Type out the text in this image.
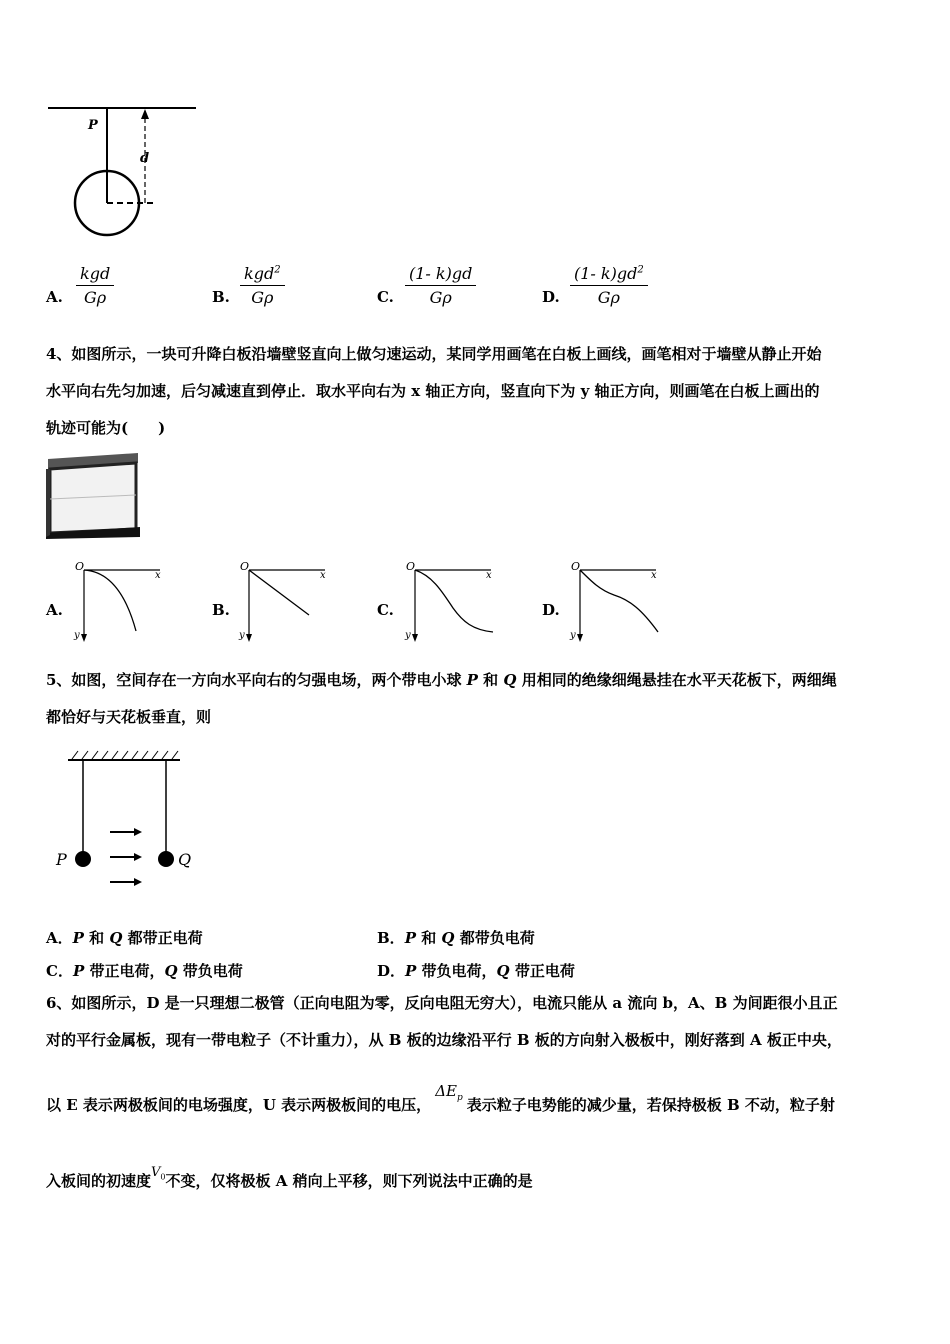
P
d
A.
kgd
Gρ	B.
kgd$^2$
Gρ	C. $\frac{(1- k)gd}{G\rho}$	D. $\frac{(1- k)gd^2}{G\rho}$
4、如图所示，一块可升降白板沿墙壁竖直向上做匀速运动，某同学用画笔在白板上画线，画笔相对于墙壁从静止开始
水平向右先匀加速，后匀减速直到停止．取水平向右为 x 轴正方向，竖直向下为 y 轴正方向，则画笔在白板上画出的
轨迹可能为(　　)
A.
O
x
y
B.
O
x
y
C.
O
x
y
D.
O
x
y
5、如图，空间存在一方向水平向右的匀强电场，两个带电小球 P 和 Q 用相同的绝缘细绳悬挂在水平天花板下，两细绳
都恰好与天花板垂直，则
P	Q
A．P 和 Q 都带正电荷	B．P 和 Q 都带负电荷
C．P 带正电荷，Q 带负电荷	D．P 带负电荷，Q 带正电荷
6、如图所示，D 是一只理想二极管（正向电阻为零，反向电阻无穷大），电流只能从 a 流向 b，A、B 为间距很小且正
对的平行金属板，现有一带电粒子（不计重力），从 B 板的边缘沿平行 B 板的方向射入极板中，刚好落到 A 板正中央，
以 E 表示两极板间的电场强度，U 表示两极板间的电压，$\Delta E_p$ 表示粒子电势能的减少量，若保持极板 B 不动，粒子射
入板间的初速度$V_0$不变，仅将极板 A 稍向上平移，则下列说法中正确的是
